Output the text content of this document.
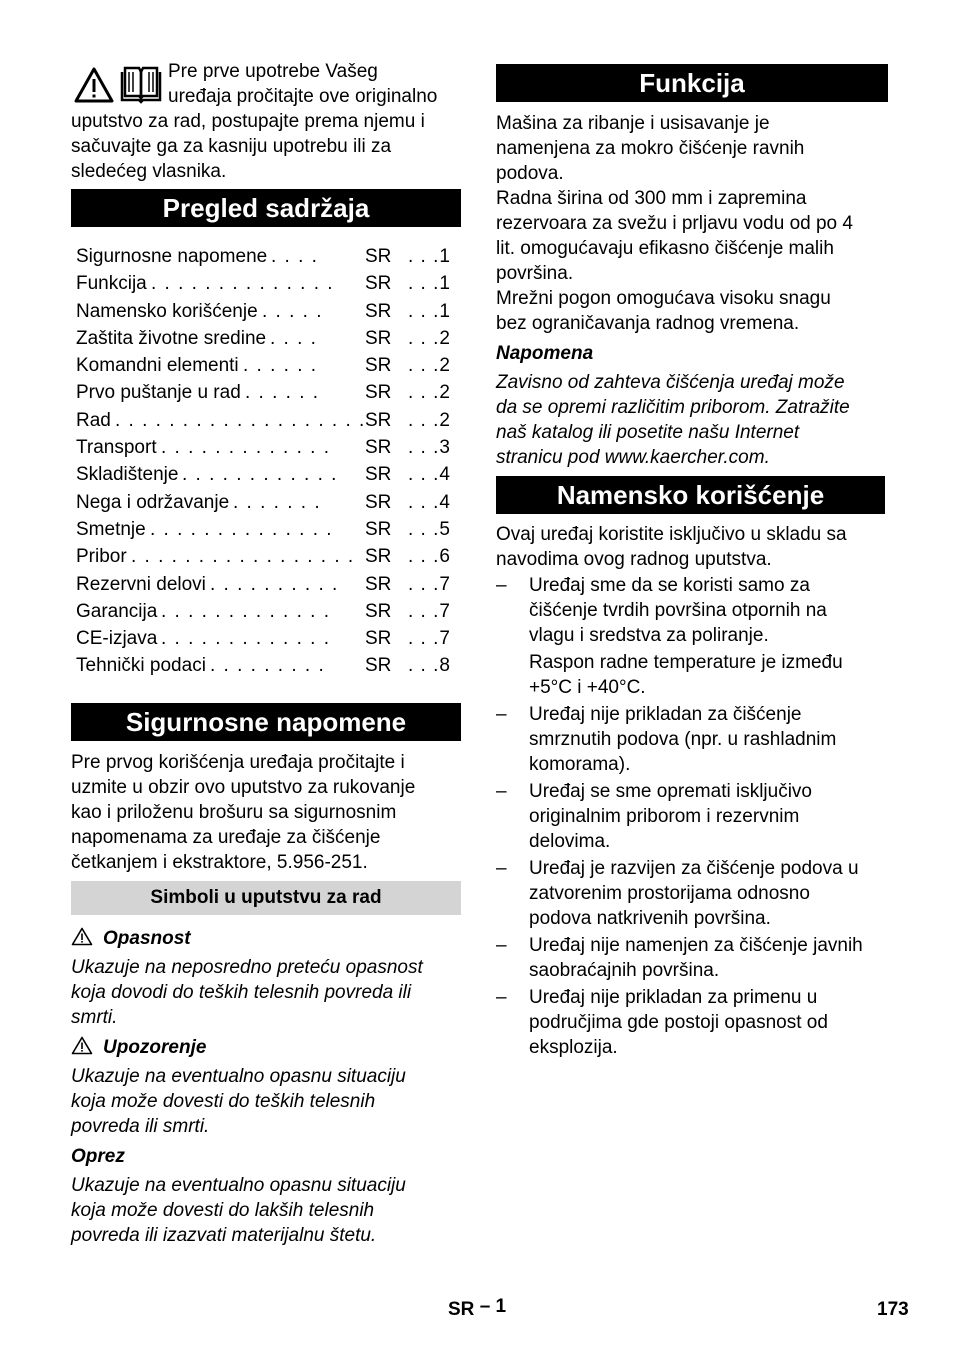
Pre prve upotrebe Vašeg

uređaja pročitajte ove originalno

uputstvo za rad, postupajte prema njemu i

sačuvajte ga za kasniju upotrebu ili za

sledećeg vlasnika.

Pregled sadržaja
Sigurnosne napomene . . . . SR . . .1
Funkcija . . . . . . . . . . . . . . SR . . .1
Namensko korišćenje . . . . . SR . . .1
Zaštita životne sredine . . . .	SR . . .2
Komandni elementi . . . . . . SR . . .2
Prvo puštanje u rad . . . . . . SR . . .2
Rad . . . . . . . . . . . . . . . . . . . SR . . .2
Transport . . . . . . . . . . . . . SR . . .3
Skladištenje . . . . . . . . . . . . SR . . .4
Nega i održavanje . . . . . . . SR . . .4
Smetnje . . . . . . . . . . . . . . SR . . .5
Pribor . . . . . . . . . . . . . . . . . SR . . .6
Rezervni delovi . . . . . . . . . . SR . . .7
Garancija . . . . . . . . . . . . . SR . . .7
CE-izjava . . . . . . . . . . . . . SR . . .7
Tehnički podaci . . . . . . . . . SR . . .8
Sigurnosne napomene

Pre prvog korišćenja uređaja pročitajte i

uzmite u obzir ovo uputstvo za rukovanje

kao i priloženu brošuru sa sigurnosnim

napomenama za uređaje za čišćenje

četkanjem i ekstraktore, 5.956-251.

Simboli u uputstvu za rad

Opasnost

Ukazuje na neposredno preteću opasnost

koja dovodi do teških telesnih povreda ili

smrti.

Upozorenje

Ukazuje na eventualno opasnu situaciju

koja može dovesti do teških telesnih

povreda ili smrti.

Oprez

Ukazuje na eventualno opasnu situaciju

koja može dovesti do lakših telesnih

povreda ili izazvati materijalnu štetu.

Funkcija

Mašina za ribanje i usisavanje je

namenjena za mokro čišćenje ravnih

podova.

Radna širina od 300 mm i zapremina

rezervoara za svežu i prljavu vodu od po 4

lit. omogućavaju efikasno čišćenje malih

površina.

Mrežni pogon omogućava visoku snagu

bez ograničavanja radnog vremena.

Napomena

Zavisno od zahteva čišćenja uređaj može

da se opremi različitim priborom. Zatražite

naš katalog ili posetite našu Internet

stranicu pod www.kaercher.com.

Namensko korišćenje

Ovaj uređaj koristite isključivo u skladu sa

navodima ovog radnog uputstva.

– Uređaj sme da se koristi samo za

čišćenje tvrdih površina otpornih na

vlagu i sredstva za poliranje.

Raspon radne temperature je između

+5°C i +40°C.

– Uređaj nije prikladan za čišćenje

smrznutih podova (npr. u rashladnim

komorama).

– Uređaj se sme opremati isključivo

originalnim priborom i rezervnim

delovima.

– Uređaj je razvijen za čišćenje podova u

zatvorenim prostorijama odnosno

podova natkrivenih površina.

– Uređaj nije namenjen za čišćenje javnih

saobraćajnih površina.

– Uređaj nije prikladan za primenu u

područjima gde postoji opasnost od

eksplozija.

SR – 1	173
